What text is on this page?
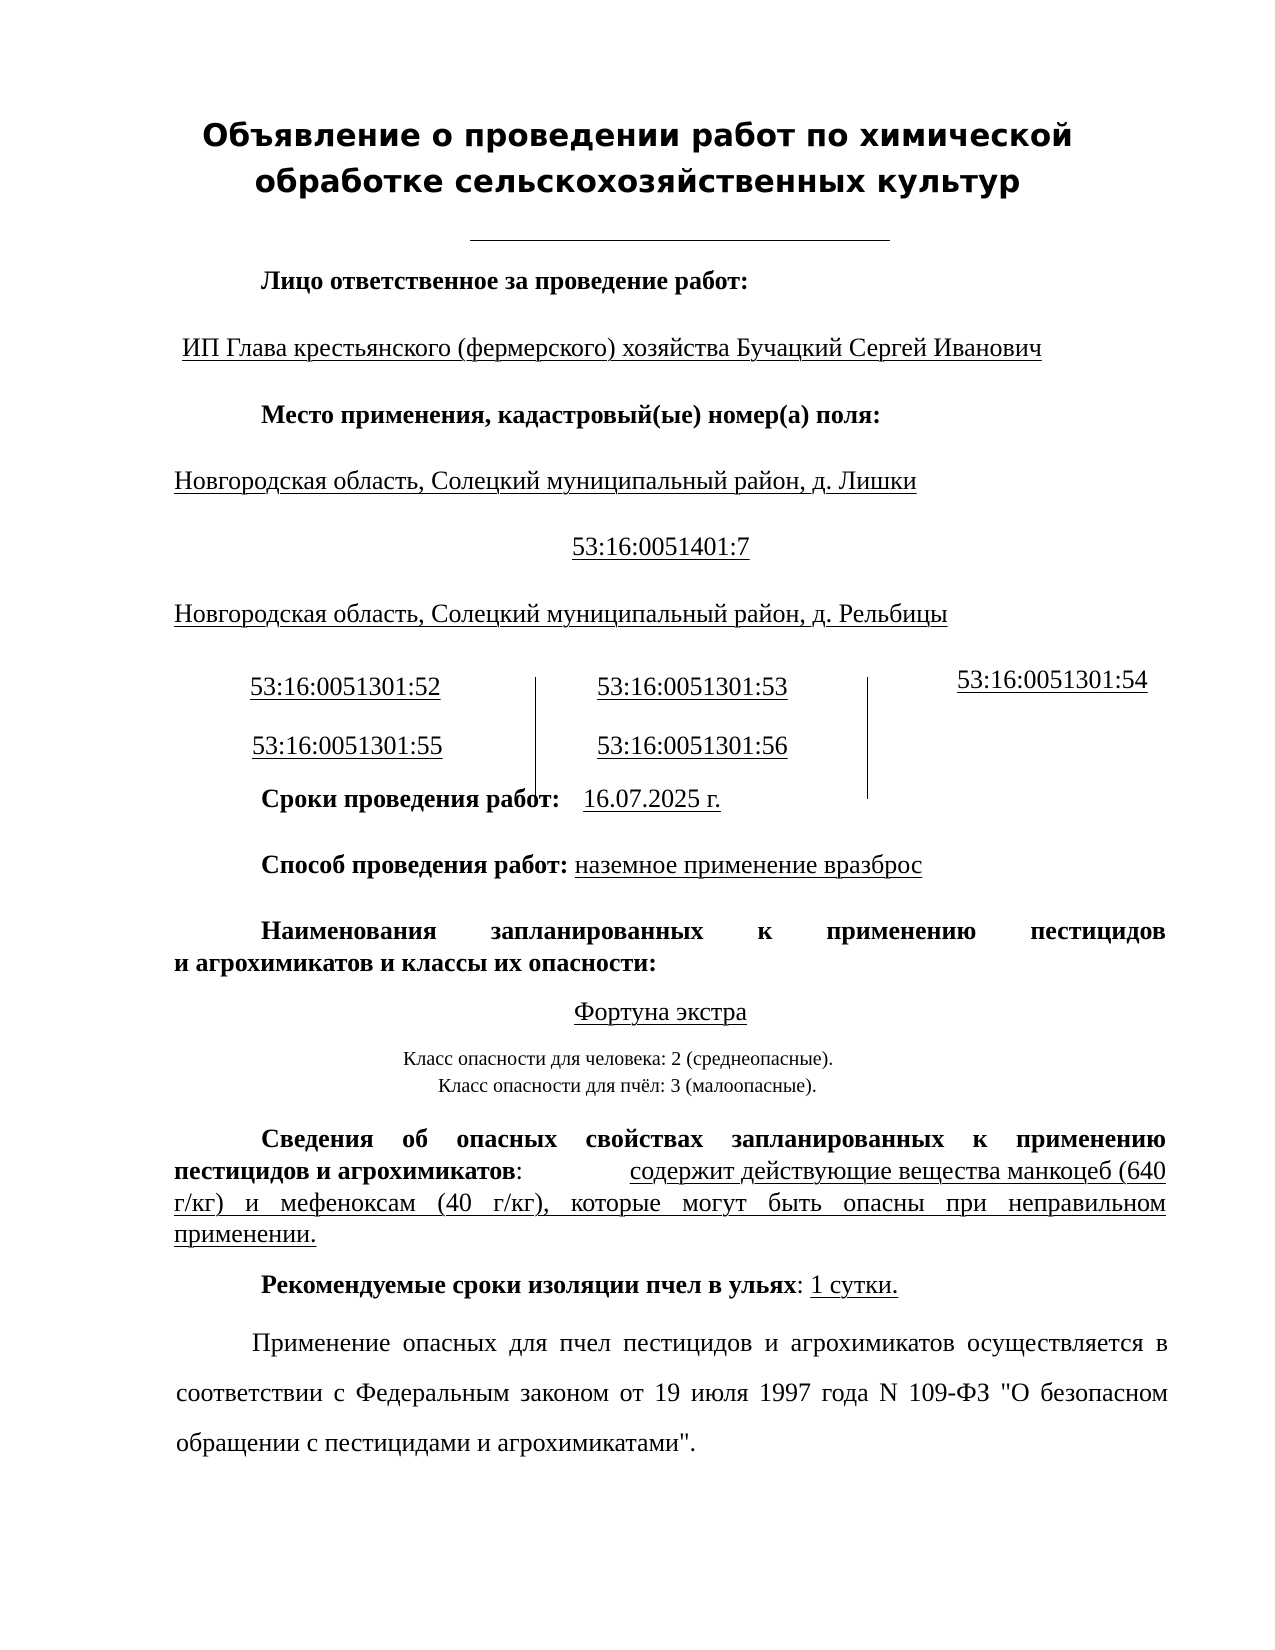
Объявление о проведении работ по химической
обработке сельскохозяйственных культур
Лицо ответственное за проведение работ:
ИП Глава крестьянского (фермерского) хозяйства Бучацкий Сергей Иванович
Место применения, кадастровый(ые) номер(а) поля:
Новгородская область, Солецкий муниципальный район, д. Лишки
53:16:0051401:7
Новгородская область, Солецкий муниципальный район, д. Рельбицы
53:16:0051301:52	53:16:0051301:53	53:16:0051301:54
53:16:0051301:55	53:16:0051301:56
Сроки проведения работ: 16.07.2025 г.
Способ проведения работ: наземное применение вразброс
Наименования запланированных к применению пестицидов
и агрохимикатов и классы их опасности:
Фортуна экстра
Класс опасности для человека: 2 (среднеопасные).
Класс опасности для пчёл: 3 (малоопасные).
Сведения об опасных свойствах запланированных к применению
пестицидов и агрохимикатов:	содержит действующие вещества манкоцеб (640
г/кг) и мефеноксам (40 г/кг), которые могут быть опасны при неправильном
применении.
Рекомендуемые сроки изоляции пчел в ульях: 1 сутки.
Применение опасных для пчел пестицидов и агрохимикатов осуществляется в соответствии с Федеральным законом от 19 июля 1997 года N 109-ФЗ "О безопасном обращении с пестицидами и агрохимикатами".
